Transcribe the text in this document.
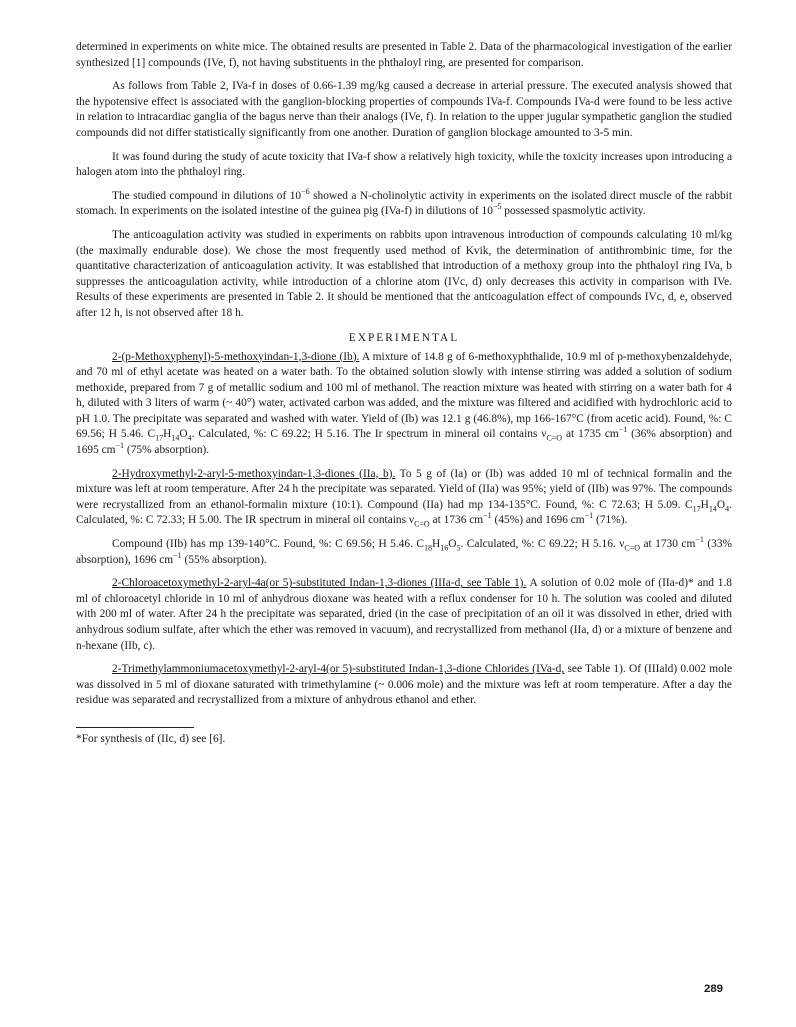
determined in experiments on white mice. The obtained results are presented in Table 2. Data of the pharmacological investigation of the earlier synthesized [1] compounds (IVe, f), not having substituents in the phthaloyl ring, are presented for comparison.

As follows from Table 2, IVa-f in doses of 0.66-1.39 mg/kg caused a decrease in arterial pressure. The executed analysis showed that the hypotensive effect is associated with the ganglion-blocking properties of compounds IVa-f. Compounds IVa-d were found to be less active in relation to intracardiac ganglia of the bagus nerve than their analogs (IVe, f). In relation to the upper jugular sympathetic ganglion the studied compounds did not differ statistically significantly from one another. Duration of ganglion blockage amounted to 3-5 min.

It was found during the study of acute toxicity that IVa-f show a relatively high toxicity, while the toxicity increases upon introducing a halogen atom into the phthaloyl ring.

The studied compound in dilutions of $10^{-6}$ showed a N-cholinolytic activity in experiments on the isolated direct muscle of the rabbit stomach. In experiments on the isolated intestine of the guinea pig (IVa-f) in dilutions of $10^{-5}$ possessed spasmolytic activity.

The anticoagulation activity was studied in experiments on rabbits upon intravenous introduction of compounds calculating 10 ml/kg (the maximally endurable dose). We chose the most frequently used method of Kvik, the determination of antithrombinic time, for the quantitative characterization of anticoagulation activity. It was established that introduction of a methoxy group into the phthaloyl ring IVa, b suppresses the anticoagulation activity, while introduction of a chlorine atom (IVc, d) only decreases this activity in comparison with IVe. Results of these experiments are presented in Table 2. It should be mentioned that the anticoagulation effect of compounds IVc, d, e, observed after 12 h, is not observed after 18 h.

EXPERIMENTAL

2-(p-Methoxyphenyl)-5-methoxyindan-1,3-dione (Ib). A mixture of 14.8 g of 6-methoxyphthalide, 10.9 ml of p-methoxybenzaldehyde, and 70 ml of ethyl acetate was heated on a water bath. To the obtained solution slowly with intense stirring was added a solution of sodium methoxide, prepared from 7 g of metallic sodium and 100 ml of methanol. The reaction mixture was heated with stirring on a water bath for 4 h, diluted with 3 liters of warm (~ 40°) water, activated carbon was added, and the mixture was filtered and acidified with hydrochloric acid to pH 1.0. The precipitate was separated and washed with water. Yield of (Ib) was 12.1 g (46.8%), mp 166-167°C (from acetic acid). Found, %: C 69.56; H 5.46. $C_{17}H_{14}O_4$. Calculated, %: C 69.22; H 5.16. The Ir spectrum in mineral oil contains $\nu_{C=O}$ at 1735 $cm^{-1}$ (36% absorption) and 1695 $cm^{-1}$ (75% absorption).

2-Hydroxymethyl-2-aryl-5-methoxyindan-1,3-diones (IIa, b). To 5 g of (Ia) or (Ib) was added 10 ml of technical formalin and the mixture was left at room temperature. After 24 h the precipitate was separated. Yield of (IIa) was 95%; yield of (IIb) was 97%. The compounds were recrystallized from an ethanol-formalin mixture (10:1). Compound (IIa) had mp 134-135°C. Found, %: C 72.63; H 5.09. $C_{17}H_{14}O_4$. Calculated, %: C 72.33; H 5.00. The IR spectrum in mineral oil contains $\nu_{C=O}$ at 1736 $cm^{-1}$ (45%) and 1696 $cm^{-1}$ (71%).

Compound (IIb) has mp 139-140°C. Found, %: C 69.56; H 5.46. $C_{18}H_{16}O_5$. Calculated, %: C 69.22; H 5.16. $\nu_{C=O}$ at 1730 $cm^{-1}$ (33% absorption), 1696 $cm^{-1}$ (55% absorption).

2-Chloroacetoxymethyl-2-aryl-4a(or 5)-substituted Indan-1,3-diones (IIIa-d, see Table 1). A solution of 0.02 mole of (IIa-d)* and 1.8 ml of chloroacetyl chloride in 10 ml of anhydrous dioxane was heated with a reflux condenser for 10 h. The solution was cooled and diluted with 200 ml of water. After 24 h the precipitate was separated, dried (in the case of precipitation of an oil it was dissolved in ether, dried with anhydrous sodium sulfate, after which the ether was removed in vacuum), and recrystallized from methanol (IIa, d) or a mixture of benzene and n-hexane (IIb, c).

2-Trimethylammoniumacetoxymethyl-2-aryl-4(or 5)-substituted Indan-1,3-dione Chlorides (IVa-d, see Table 1). Of (IIIald) 0.002 mole was dissolved in 5 ml of dioxane saturated with trimethylamine (~ 0.006 mole) and the mixture was left at room temperature. After a day the residue was separated and recrystallized from a mixture of anhydrous ethanol and ether.

*For synthesis of (IIc, d) see [6].
289
